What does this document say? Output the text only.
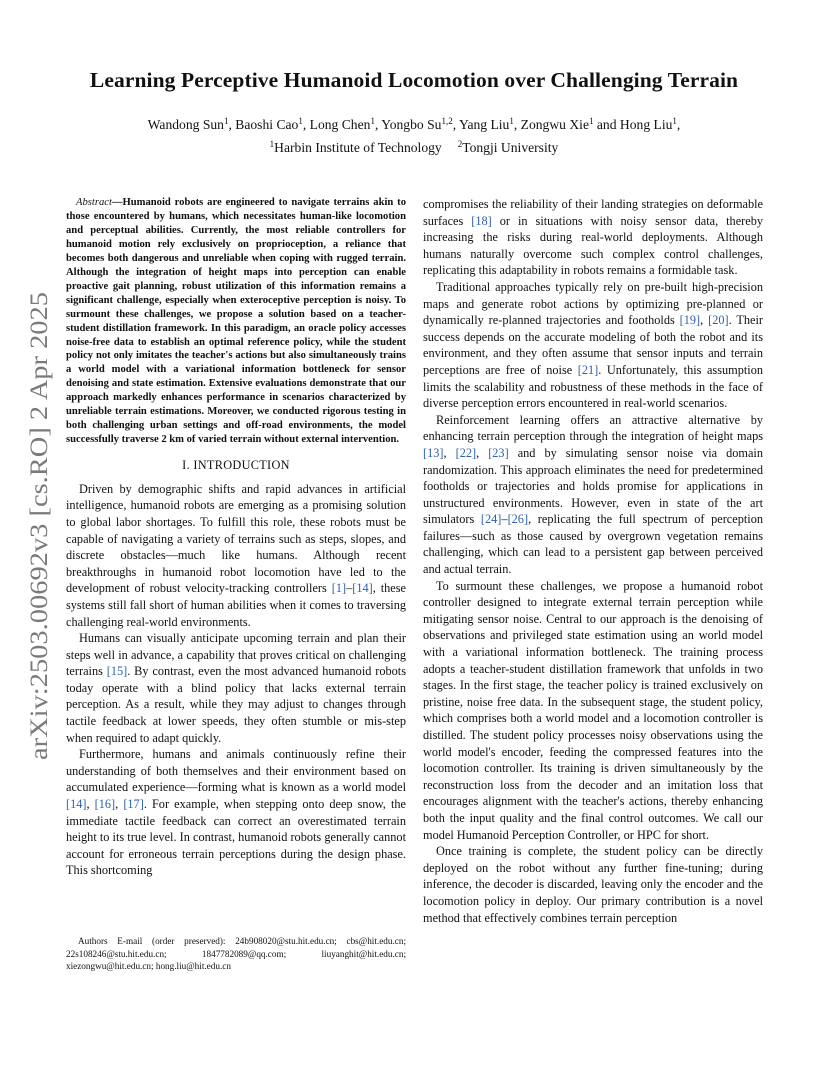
arXiv:2503.00692v3 [cs.RO] 2 Apr 2025
Learning Perceptive Humanoid Locomotion over Challenging Terrain
Wandong Sun$^1$, Baoshi Cao$^1$, Long Chen$^1$, Yongbo Su$^{1,2}$, Yang Liu$^1$, Zongwu Xie$^1$ and Hong Liu$^1$,
$^1$Harbin Institute of Technology $^2$Tongji University

Abstract—Humanoid robots are engineered to navigate terrains akin to those encountered by humans, which necessitates human-like locomotion and perceptual abilities. Currently, the most reliable controllers for humanoid motion rely exclusively on proprioception, a reliance that becomes both dangerous and unreliable when coping with rugged terrain. Although the integration of height maps into perception can enable proactive gait planning, robust utilization of this information remains a significant challenge, especially when exteroceptive perception is noisy. To surmount these challenges, we propose a solution based on a teacher-student distillation framework. In this paradigm, an oracle policy accesses noise-free data to establish an optimal reference policy, while the student policy not only imitates the teacher's actions but also simultaneously trains a world model with a variational information bottleneck for sensor denoising and state estimation. Extensive evaluations demonstrate that our approach markedly enhances performance in scenarios characterized by unreliable terrain estimations. Moreover, we conducted rigorous testing in both challenging urban settings and off-road environments, the model successfully traverse 2 km of varied terrain without external intervention.

I. INTRODUCTION

Driven by demographic shifts and rapid advances in artificial intelligence, humanoid robots are emerging as a promising solution to global labor shortages. To fulfill this role, these robots must be capable of navigating a variety of terrains such as steps, slopes, and discrete obstacles—much like humans. Although recent breakthroughs in humanoid robot locomotion have led to the development of robust velocity-tracking controllers [1]–[14], these systems still fall short of human abilities when it comes to traversing challenging real-world environments.

Humans can visually anticipate upcoming terrain and plan their steps well in advance, a capability that proves critical on challenging terrains [15]. By contrast, even the most advanced humanoid robots today operate with a blind policy that lacks external terrain perception. As a result, while they may adjust to changes through tactile feedback at lower speeds, they often stumble or mis-step when required to adapt quickly.

Furthermore, humans and animals continuously refine their understanding of both themselves and their environment based on accumulated experience—forming what is known as a world model [14], [16], [17]. For example, when stepping onto deep snow, the immediate tactile feedback can correct an overestimated terrain height to its true level. In contrast, humanoid robots generally cannot account for erroneous terrain perceptions during the design phase. This shortcoming

compromises the reliability of their landing strategies on deformable surfaces [18] or in situations with noisy sensor data, thereby increasing the risks during real-world deployments. Although humans naturally overcome such complex control challenges, replicating this adaptability in robots remains a formidable task.

Traditional approaches typically rely on pre-built high-precision maps and generate robot actions by optimizing pre-planned or dynamically re-planned trajectories and footholds [19], [20]. Their success depends on the accurate modeling of both the robot and its environment, and they often assume that sensor inputs and terrain perceptions are free of noise [21]. Unfortunately, this assumption limits the scalability and robustness of these methods in the face of diverse perception errors encountered in real-world scenarios.

Reinforcement learning offers an attractive alternative by enhancing terrain perception through the integration of height maps [13], [22], [23] and by simulating sensor noise via domain randomization. This approach eliminates the need for predetermined footholds or trajectories and holds promise for applications in unstructured environments. However, even in state of the art simulators [24]–[26], replicating the full spectrum of perception failures—such as those caused by overgrown vegetation remains challenging, which can lead to a persistent gap between perceived and actual terrain.

To surmount these challenges, we propose a humanoid robot controller designed to integrate external terrain perception while mitigating sensor noise. Central to our approach is the denoising of observations and privileged state estimation using an world model with a variational information bottleneck. The training process adopts a teacher-student distillation framework that unfolds in two stages. In the first stage, the teacher policy is trained exclusively on pristine, noise free data. In the subsequent stage, the student policy, which comprises both a world model and a locomotion controller is distilled. The student policy processes noisy observations using the world model's encoder, feeding the compressed features into the locomotion controller. Its training is driven simultaneously by the reconstruction loss from the decoder and an imitation loss that encourages alignment with the teacher's actions, thereby enhancing both the input quality and the final control outcomes. We call our model Humanoid Perception Controller, or HPC for short.

Once training is complete, the student policy can be directly deployed on the robot without any further fine-tuning; during inference, the decoder is discarded, leaving only the encoder and the locomotion policy in deploy. Our primary contribution is a novel method that effectively combines terrain perception

Authors E-mail (order preserved): 24b908020@stu.hit.edu.cn; cbs@hit.edu.cn; 22s108246@stu.hit.edu.cn; 1847782089@qq.com; liuyanghit@hit.edu.cn; xiezongwu@hit.edu.cn; hong.liu@hit.edu.cn
